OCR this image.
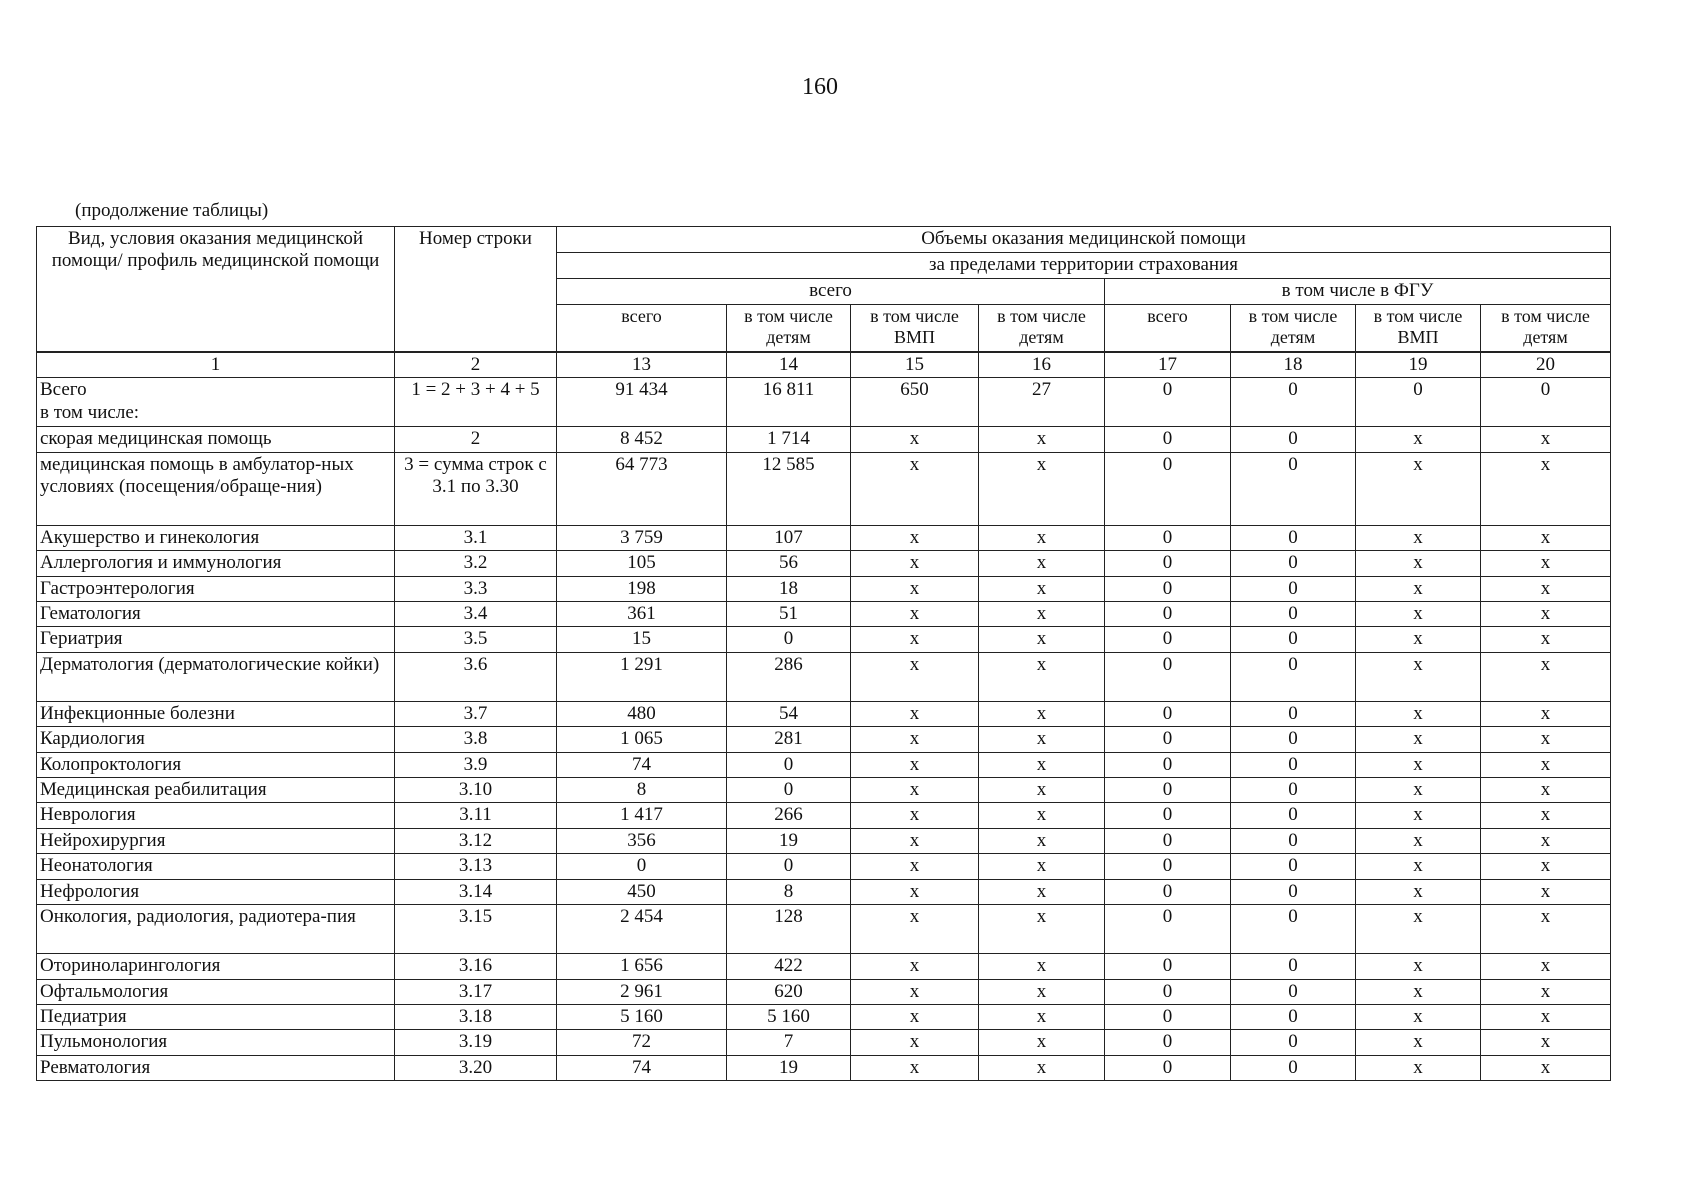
160
(продолжение таблицы)
Вид, условия оказания медицинской помощи/ профиль медицинской помощи	Номер строки	Объемы оказания медицинской помощи							
		за пределами территории страхования							
		всего				в том числе в ФГУ			
		всего	в том числе детям	в том числе ВМП	в том числе детям	всего	в том числе детям	в том числе ВМП	в том числе детям
1	2	13	14	15	16	17	18	19	20
Всего
в том числе:	1 = 2 + 3 + 4 + 5	91 434	16 811	650	27	0	0	0	0
скорая медицинская помощь	2	8 452	1 714	x	x	0	0	x	x
медицинская помощь в амбулатор-ных условиях (посещения/обраще-ния)	3 = сумма строк с 3.1 по 3.30	64 773	12 585	x	x	0	0	x	x
Акушерство и гинекология	3.1	3 759	107	x	x	0	0	x	x
Аллергология и иммунология	3.2	105	56	x	x	0	0	x	x
Гастроэнтерология	3.3	198	18	x	x	0	0	x	x
Гематология	3.4	361	51	x	x	0	0	x	x
Гериатрия	3.5	15	0	x	x	0	0	x	x
Дерматология (дерматологические койки)	3.6	1 291	286	x	x	0	0	x	x
Инфекционные болезни	3.7	480	54	x	x	0	0	x	x
Кардиология	3.8	1 065	281	x	x	0	0	x	x
Колопроктология	3.9	74	0	x	x	0	0	x	x
Медицинская реабилитация	3.10	8	0	x	x	0	0	x	x
Неврология	3.11	1 417	266	x	x	0	0	x	x
Нейрохирургия	3.12	356	19	x	x	0	0	x	x
Неонатология	3.13	0	0	x	x	0	0	x	x
Нефрология	3.14	450	8	x	x	0	0	x	x
Онкология, радиология, радиотера-пия	3.15	2 454	128	x	x	0	0	x	x
Оториноларингология	3.16	1 656	422	x	x	0	0	x	x
Офтальмология	3.17	2 961	620	x	x	0	0	x	x
Педиатрия	3.18	5 160	5 160	x	x	0	0	x	x
Пульмонология	3.19	72	7	x	x	0	0	x	x
Ревматология	3.20	74	19	x	x	0	0	x	x
